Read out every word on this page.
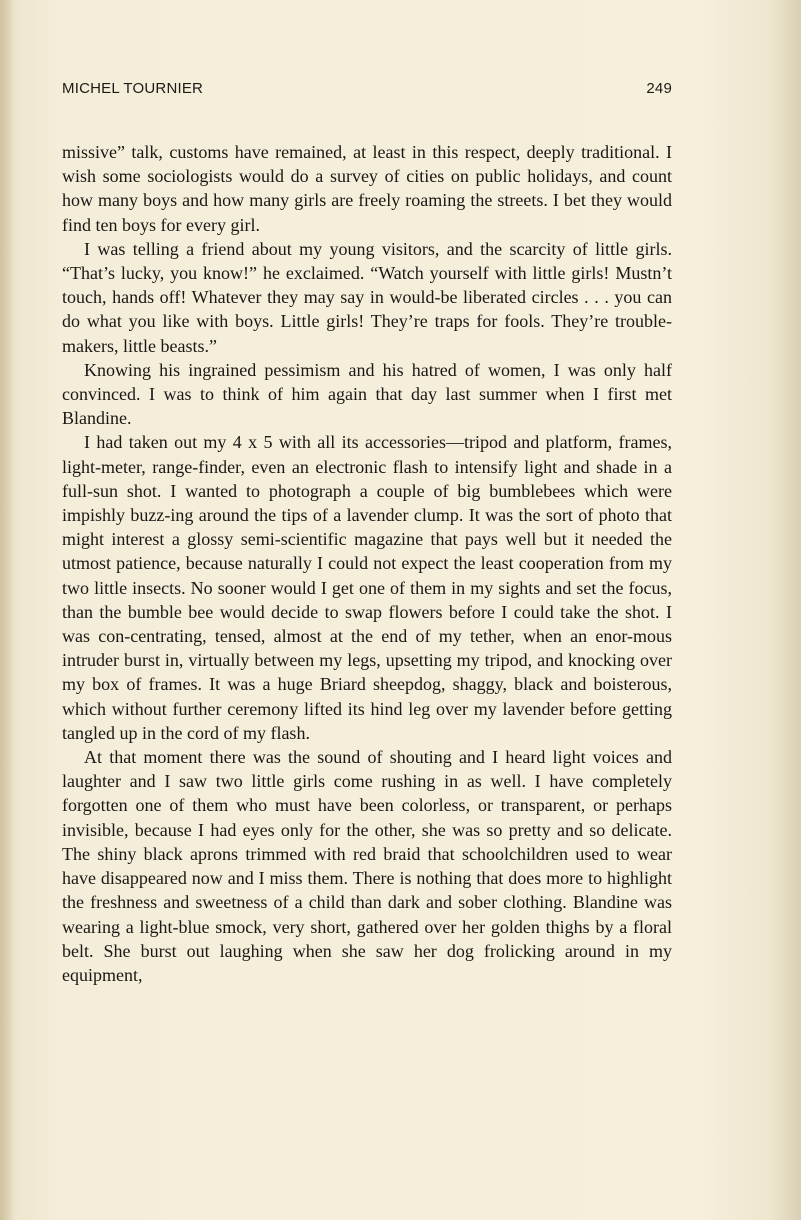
MICHEL TOURNIER	249

missive” talk, customs have remained, at least in this respect, deeply traditional. I wish some sociologists would do a survey of cities on public holidays, and count how many boys and how many girls are freely roaming the streets. I bet they would find ten boys for every girl.

I was telling a friend about my young visitors, and the scarcity of little girls. “That’s lucky, you know!” he exclaimed. “Watch yourself with little girls! Mustn’t touch, hands off! Whatever they may say in would-be liberated circles . . . you can do what you like with boys. Little girls! They’re traps for fools. They’re trouble-makers, little beasts.”

Knowing his ingrained pessimism and his hatred of women, I was only half convinced. I was to think of him again that day last summer when I first met Blandine.

I had taken out my 4 x 5 with all its accessories—tripod and platform, frames, light-meter, range-finder, even an electronic flash to intensify light and shade in a full-sun shot. I wanted to photograph a couple of big bumblebees which were impishly buzz-ing around the tips of a lavender clump. It was the sort of photo that might interest a glossy semi-scientific magazine that pays well but it needed the utmost patience, because naturally I could not expect the least cooperation from my two little insects. No sooner would I get one of them in my sights and set the focus, than the bumble bee would decide to swap flowers before I could take the shot. I was con-centrating, tensed, almost at the end of my tether, when an enor-mous intruder burst in, virtually between my legs, upsetting my tripod, and knocking over my box of frames. It was a huge Briard sheepdog, shaggy, black and boisterous, which without further ceremony lifted its hind leg over my lavender before getting tangled up in the cord of my flash.

At that moment there was the sound of shouting and I heard light voices and laughter and I saw two little girls come rushing in as well. I have completely forgotten one of them who must have been colorless, or transparent, or perhaps invisible, because I had eyes only for the other, she was so pretty and so delicate. The shiny black aprons trimmed with red braid that schoolchildren used to wear have disappeared now and I miss them. There is nothing that does more to highlight the freshness and sweetness of a child than dark and sober clothing. Blandine was wearing a light-blue smock, very short, gathered over her golden thighs by a floral belt. She burst out laughing when she saw her dog frolicking around in my equipment,
